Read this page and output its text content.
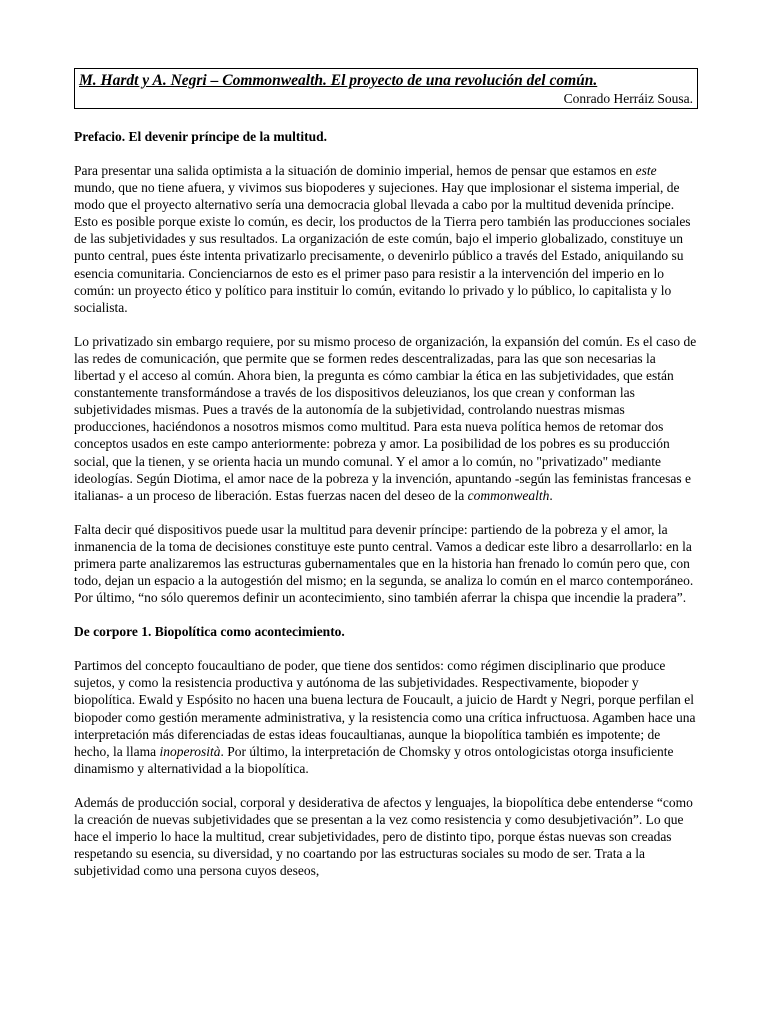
M. Hardt y A. Negri – Commonwealth. El proyecto de una revolución del común.
Conrado Herráiz Sousa.
Prefacio. El devenir príncipe de la multitud.

Para presentar una salida optimista a la situación de dominio imperial, hemos de pensar que estamos en este mundo, que no tiene afuera, y vivimos sus biopoderes y sujeciones. Hay que implosionar el sistema imperial, de modo que el proyecto alternativo sería una democracia global llevada a cabo por la multitud devenida príncipe. Esto es posible porque existe lo común, es decir, los productos de la Tierra pero también las producciones sociales de las subjetividades y sus resultados. La organización de este común, bajo el imperio globalizado, constituye un punto central, pues éste intenta privatizarlo precisamente, o devenirlo público a través del Estado, aniquilando su esencia comunitaria. Concienciarnos de esto es el primer paso para resistir a la intervención del imperio en lo común: un proyecto ético y político para instituir lo común, evitando lo privado y lo público, lo capitalista y lo socialista.

Lo privatizado sin embargo requiere, por su mismo proceso de organización, la expansión del común. Es el caso de las redes de comunicación, que permite que se formen redes descentralizadas, para las que son necesarias la libertad y el acceso al común. Ahora bien, la pregunta es cómo cambiar la ética en las subjetividades, que están constantemente transformándose a través de los dispositivos deleuzianos, los que crean y conforman las subjetividades mismas. Pues a través de la autonomía de la subjetividad, controlando nuestras mismas producciones, haciéndonos a nosotros mismos como multitud. Para esta nueva política hemos de retomar dos conceptos usados en este campo anteriormente: pobreza y amor. La posibilidad de los pobres es su producción social, que la tienen, y se orienta hacia un mundo comunal. Y el amor a lo común, no "privatizado" mediante ideologías. Según Diotima, el amor nace de la pobreza y la invención, apuntando -según las feministas francesas e italianas- a un proceso de liberación. Estas fuerzas nacen del deseo de la commonwealth.

Falta decir qué dispositivos puede usar la multitud para devenir príncipe: partiendo de la pobreza y el amor, la inmanencia de la toma de decisiones constituye este punto central. Vamos a dedicar este libro a desarrollarlo: en la primera parte analizaremos las estructuras gubernamentales que en la historia han frenado lo común pero que, con todo, dejan un espacio a la autogestión del mismo; en la segunda, se analiza lo común en el marco contemporáneo. Por último, “no sólo queremos definir un acontecimiento, sino también aferrar la chispa que incendie la pradera”.

De corpore 1. Biopolítica como acontecimiento.

Partimos del concepto foucaultiano de poder, que tiene dos sentidos: como régimen disciplinario que produce sujetos, y como la resistencia productiva y autónoma de las subjetividades. Respectivamente, biopoder y biopolítica. Ewald y Espósito no hacen una buena lectura de Foucault, a juicio de Hardt y Negri, porque perfilan el biopoder como gestión meramente administrativa, y la resistencia como una crítica infructuosa. Agamben hace una interpretación más diferenciadas de estas ideas foucaultianas, aunque la biopolítica también es impotente; de hecho, la llama inoperosità. Por último, la interpretación de Chomsky y otros ontologicistas otorga insuficiente dinamismo y alternatividad a la biopolítica.

Además de producción social, corporal y desiderativa de afectos y lenguajes, la biopolítica debe entenderse “como la creación de nuevas subjetividades que se presentan a la vez como resistencia y como desubjetivación”. Lo que hace el imperio lo hace la multitud, crear subjetividades, pero de distinto tipo, porque éstas nuevas son creadas respetando su esencia, su diversidad, y no coartando por las estructuras sociales su modo de ser. Trata a la subjetividad como una persona cuyos deseos,
